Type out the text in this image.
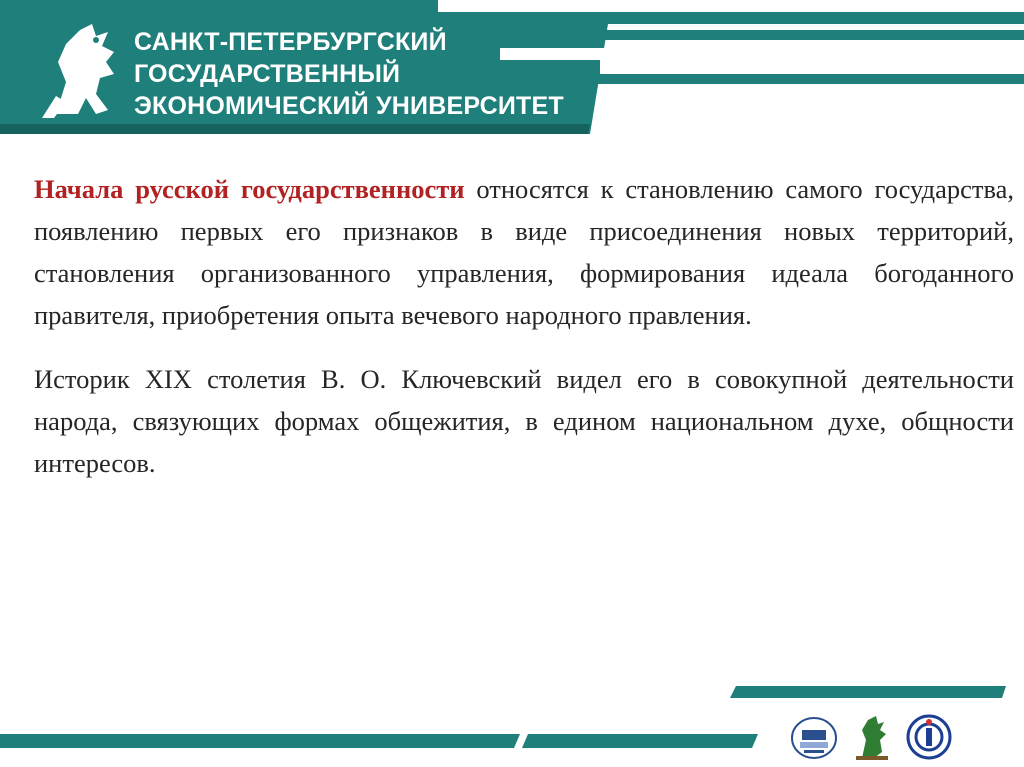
САНКТ-ПЕТЕРБУРГСКИЙ
ГОСУДАРСТВЕННЫЙ
ЭКОНОМИЧЕСКИЙ УНИВЕРСИТЕТ

Начала русской государственности относятся к становлению самого государства, появлению первых его признаков в виде присоединения новых территорий, становления организованного управления, формирования идеала богоданного правителя, приобретения опыта вечевого народного правления.

Историк XIX столетия В. О. Ключевский видел его в совокупной деятельности народа, связующих формах общежития, в едином национальном духе, общности интересов.
